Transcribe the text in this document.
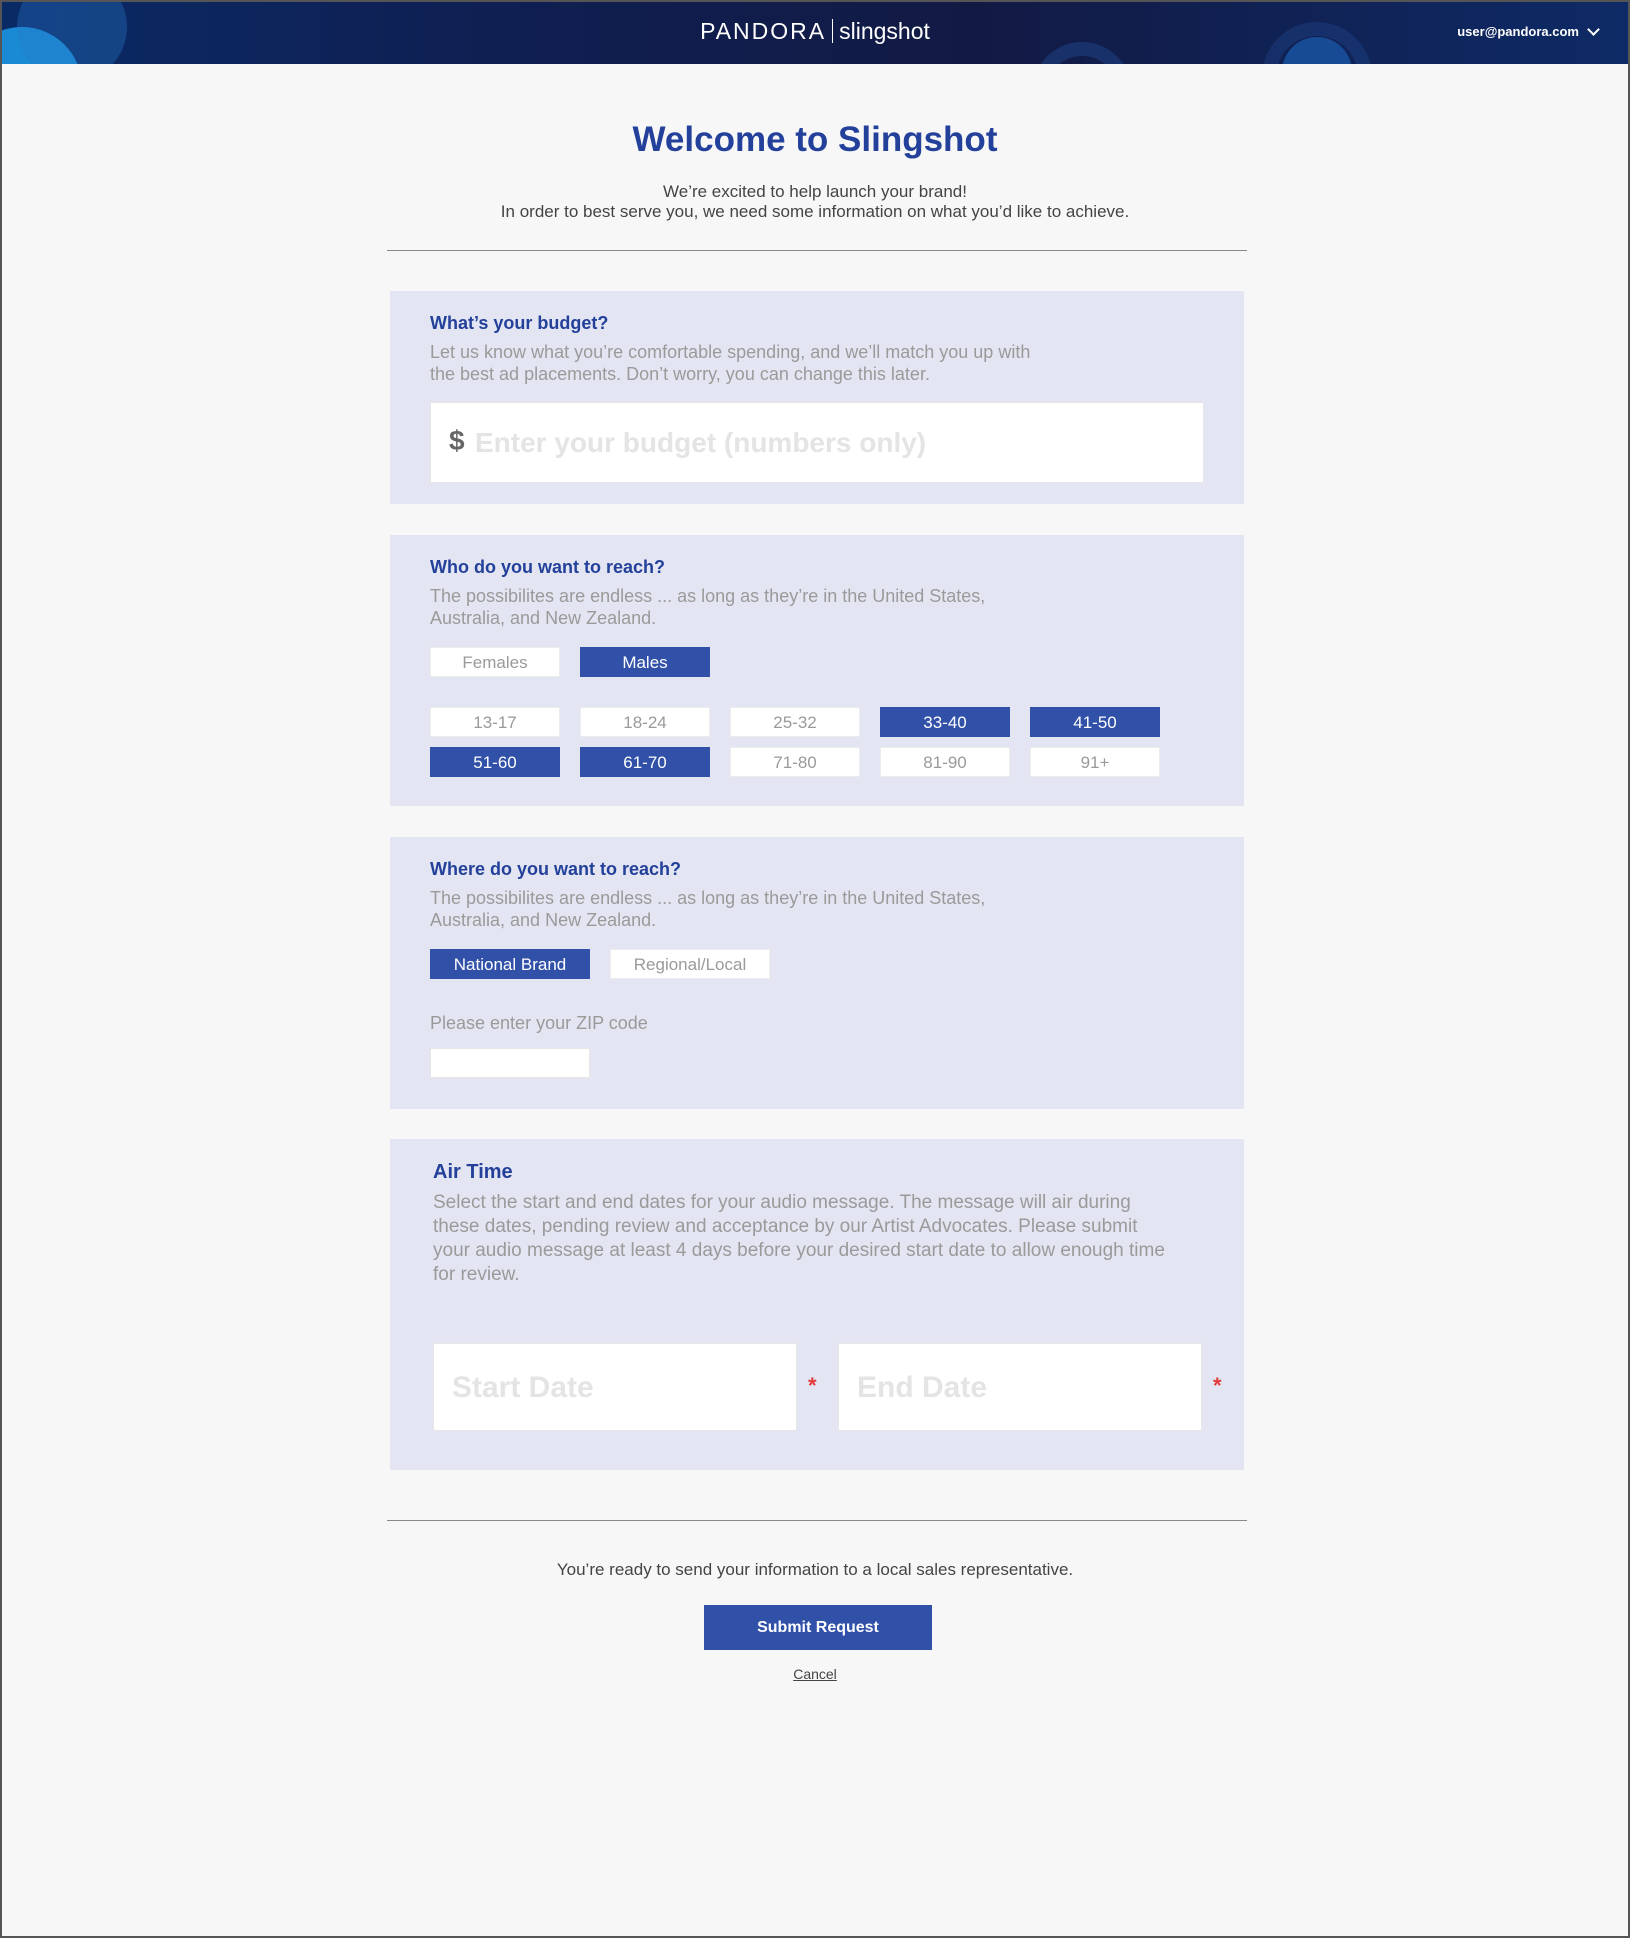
PANDORA slingshot	user@pandora.com
Welcome to Slingshot
We’re excited to help launch your brand!
In order to best serve you, we need some information on what you’d like to achieve.
What’s your budget?
Let us know what you’re comfortable spending, and we’ll match you up with
the best ad placements. Don’t worry, you can change this later.
$
Enter your budget (numbers only)
Who do you want to reach?
The possibilites are endless ... as long as they’re in the United States,
Australia, and New Zealand.
Females	Males
13-17	18-24	25-32	33-40	41-50
51-60	61-70	71-80	81-90	91+
Where do you want to reach?
The possibilites are endless ... as long as they’re in the United States,
Australia, and New Zealand.
National Brand	Regional/Local
Please enter your ZIP code
Air Time
Select the start and end dates for your audio message. The message will air during
these dates, pending review and acceptance by our Artist Advocates. Please submit
your audio message at least 4 days before your desired start date to allow enough time
for review.
Start Date
*
End Date	*
You’re ready to send your information to a local sales representative.
Submit Request
Cancel
